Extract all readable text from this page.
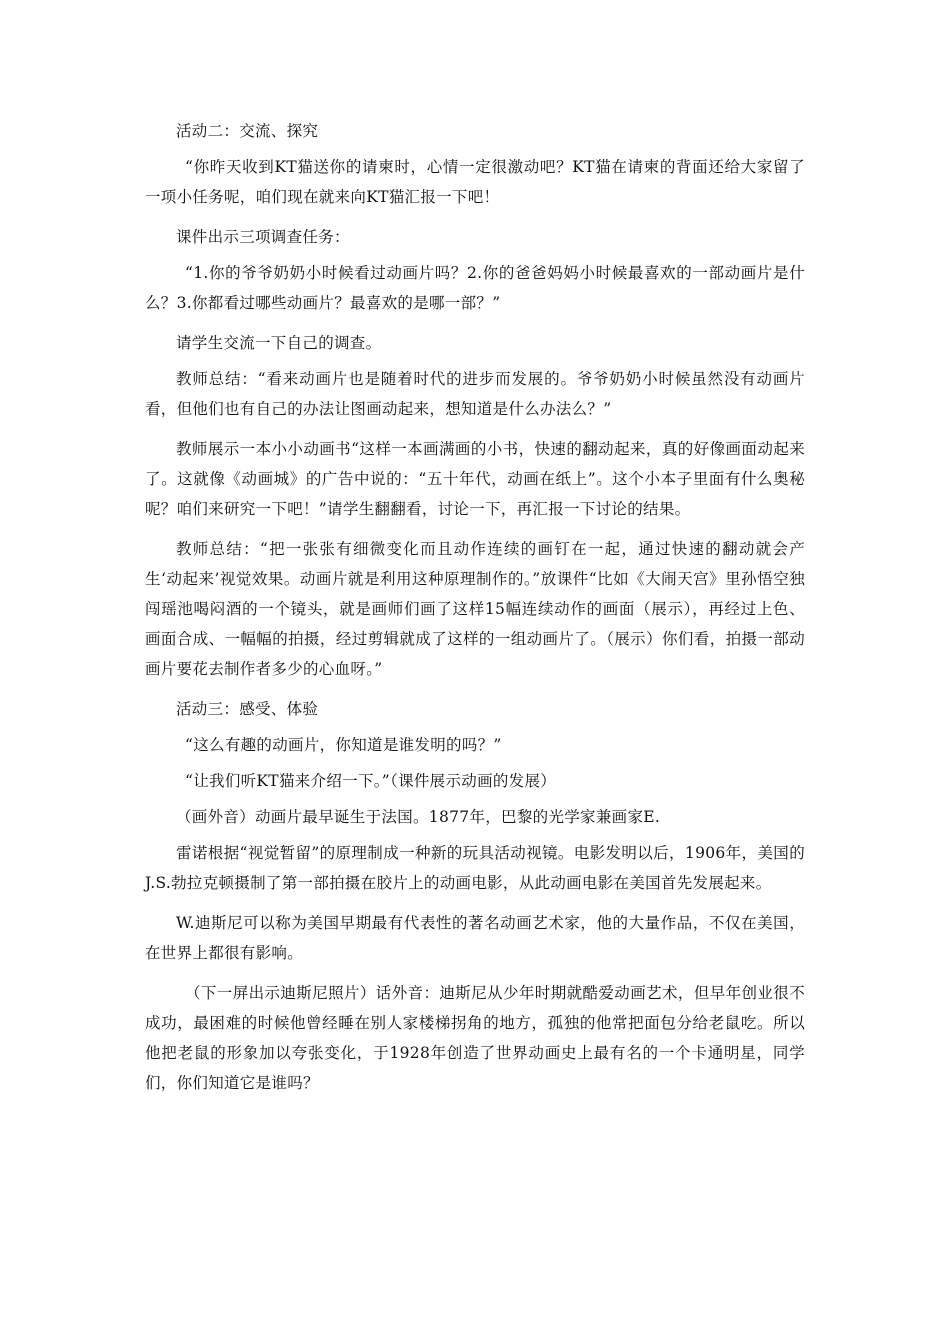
活动二：交流、探究

“你昨天收到KT猫送你的请柬时，心情一定很激动吧？KT猫在请柬的背面还给大家留了一项小任务呢，咱们现在就来向KT猫汇报一下吧！

课件出示三项调查任务：

“1.你的爷爷奶奶小时候看过动画片吗？2.你的爸爸妈妈小时候最喜欢的一部动画片是什么？3.你都看过哪些动画片？最喜欢的是哪一部？”

请学生交流一下自己的调查。

教师总结：“看来动画片也是随着时代的进步而发展的。爷爷奶奶小时候虽然没有动画片看，但他们也有自己的办法让图画动起来，想知道是什么办法么？”

教师展示一本小小动画书“这样一本画满画的小书，快速的翻动起来，真的好像画面动起来了。这就像《动画城》的广告中说的：“五十年代，动画在纸上”。这个小本子里面有什么奥秘呢？咱们来研究一下吧！”请学生翻翻看，讨论一下，再汇报一下讨论的结果。

教师总结：“把一张张有细微变化而且动作连续的画钉在一起，通过快速的翻动就会产生‘动起来’视觉效果。动画片就是利用这种原理制作的。”放课件“比如《大闹天宫》里孙悟空独闯瑶池喝闷酒的一个镜头，就是画师们画了这样15幅连续动作的画面（展示），再经过上色、画面合成、一幅幅的拍摄，经过剪辑就成了这样的一组动画片了。（展示）你们看，拍摄一部动画片要花去制作者多少的心血呀。”

活动三：感受、体验

“这么有趣的动画片，你知道是谁发明的吗？”

“让我们听KT猫来介绍一下。”（课件展示动画的发展）

（画外音）动画片最早诞生于法国。1877年，巴黎的光学家兼画家E.

雷诺根据“视觉暂留”的原理制成一种新的玩具活动视镜。电影发明以后，1906年，美国的J.S.勃拉克顿摄制了第一部拍摄在胶片上的动画电影，从此动画电影在美国首先发展起来。

W.迪斯尼可以称为美国早期最有代表性的著名动画艺术家，他的大量作品，不仅在美国，在世界上都很有影响。

（下一屏出示迪斯尼照片）话外音：迪斯尼从少年时期就酷爱动画艺术，但早年创业很不成功，最困难的时候他曾经睡在别人家楼梯拐角的地方，孤独的他常把面包分给老鼠吃。所以他把老鼠的形象加以夸张变化，于1928年创造了世界动画史上最有名的一个卡通明星，同学们，你们知道它是谁吗？
